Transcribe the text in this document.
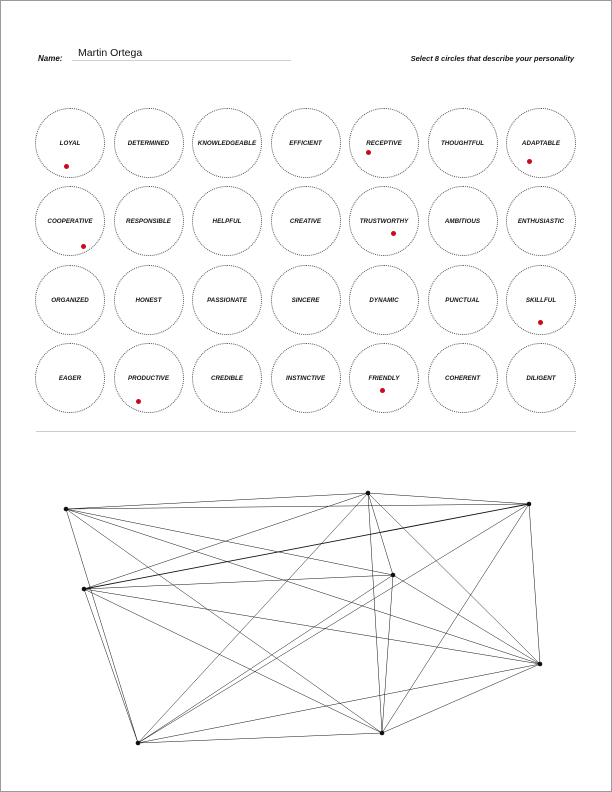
Name:
Martin Ortega	Select 8 circles that describe your personality
LOYAL	DETERMINED	KNOWLEDGEABLE	EFFICIENT	RECEPTIVE	THOUGHTFUL	ADAPTABLE
COOPERATIVE	RESPONSIBLE	HELPFUL	CREATIVE	TRUSTWORTHY	AMBITIOUS	ENTHUSIASTIC
ORGANIZED	HONEST	PASSIONATE	SINCERE	DYNAMIC	PUNCTUAL	SKILLFUL
EAGER	PRODUCTIVE	CREDIBLE	INSTINCTIVE	FRIENDLY	COHERENT	DILIGENT
